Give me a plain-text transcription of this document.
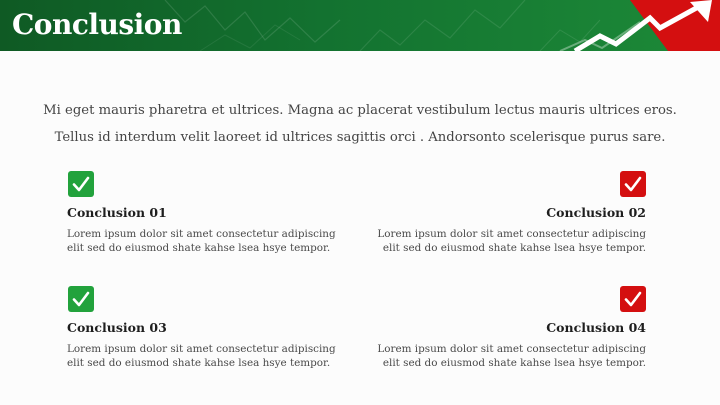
Conclusion
Mi eget mauris pharetra et ultrices. Magna ac placerat vestibulum lectus mauris ultrices eros.
Tellus id interdum velit laoreet id ultrices sagittis orci . Andorsonto scelerisque purus sare.
Conclusion 01
Lorem ipsum dolor sit amet consectetur adipiscing
elit sed do eiusmod shate kahse lsea hsye tempor.
Conclusion 02
Lorem ipsum dolor sit amet consectetur adipiscing
elit sed do eiusmod shate kahse lsea hsye tempor.
Conclusion 03
Lorem ipsum dolor sit amet consectetur adipiscing
elit sed do eiusmod shate kahse lsea hsye tempor.
Conclusion 04
Lorem ipsum dolor sit amet consectetur adipiscing
elit sed do eiusmod shate kahse lsea hsye tempor.
